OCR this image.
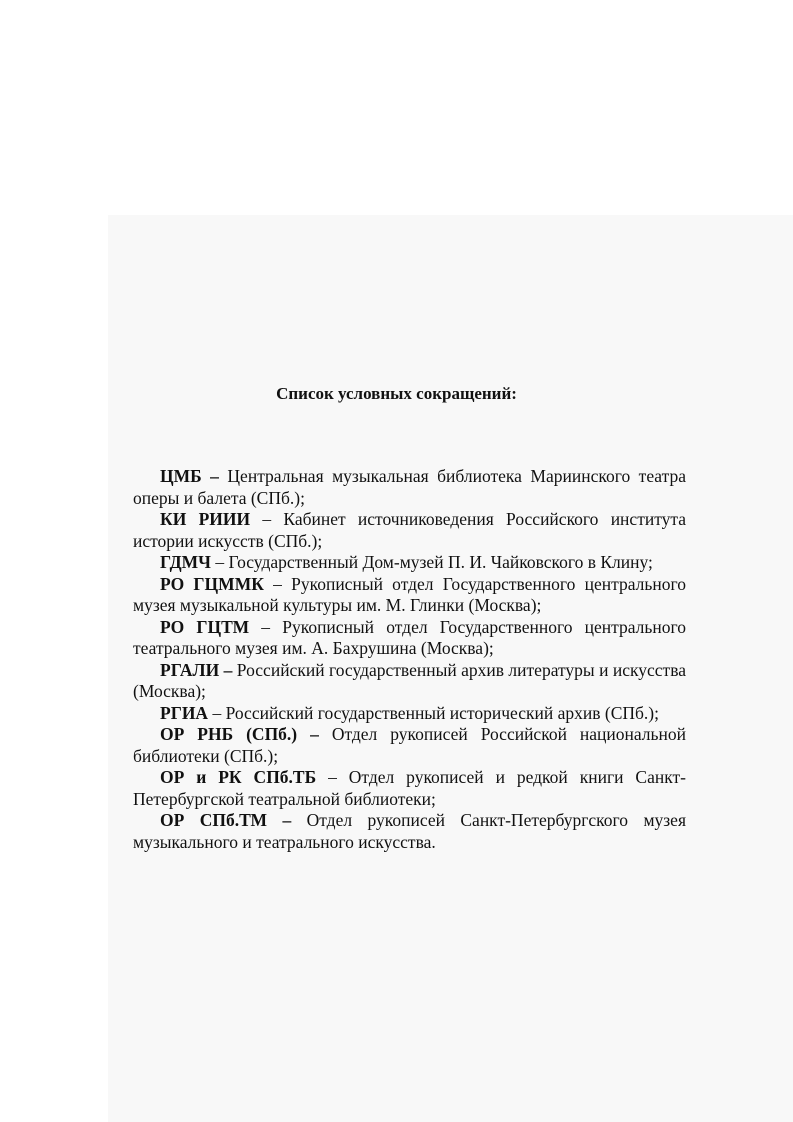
Список условных сокращений:
ЦМБ – Центральная музыкальная библиотека Мариинского театра оперы и балета (СПб.);
КИ РИИИ – Кабинет источниковедения Российского института истории искусств (СПб.);
ГДМЧ – Государственный Дом-музей П. И. Чайковского в Клину;
РО ГЦММК – Рукописный отдел Государственного центрального музея музыкальной культуры им. М. Глинки (Москва);
РО ГЦТМ – Рукописный отдел Государственного центрального театрального музея им. А. Бахрушина (Москва);
РГАЛИ – Российский государственный архив литературы и искусства (Москва);
РГИА – Российский государственный исторический архив (СПб.);
ОР РНБ (СПб.) – Отдел рукописей Российской национальной библиотеки (СПб.);
ОР и РК СПб.ТБ – Отдел рукописей и редкой книги Санкт-Петербургской театральной библиотеки;
ОР СПб.ТМ – Отдел рукописей Санкт-Петербургского музея музыкального и театрального искусства.
